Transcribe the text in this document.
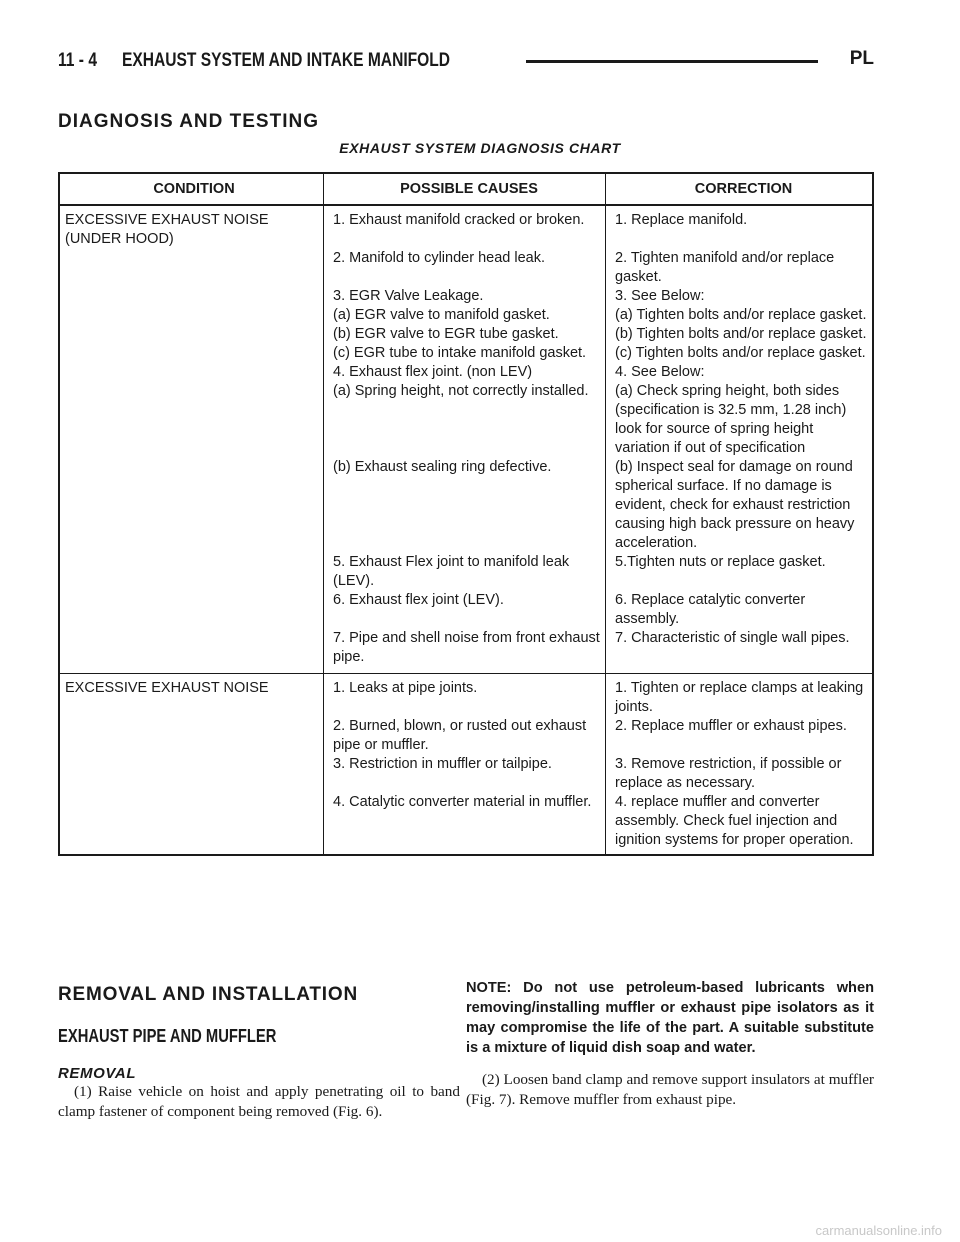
11 - 4 EXHAUST SYSTEM AND INTAKE MANIFOLD	PL
DIAGNOSIS AND TESTING
EXHAUST SYSTEM DIAGNOSIS CHART
CONDITION	POSSIBLE CAUSES	CORRECTION
EXCESSIVE EXHAUST NOISE (UNDER HOOD)	1. Exhaust manifold cracked or broken.	1. Replace manifold.
	2. Manifold to cylinder head leak.	2. Tighten manifold and/or replace gasket.
	3. EGR Valve Leakage.	3. See Below:
	(a) EGR valve to manifold gasket.	(a) Tighten bolts and/or replace gasket.
	(b) EGR valve to EGR tube gasket.	(b) Tighten bolts and/or replace gasket.
	(c) EGR tube to intake manifold gasket.	(c) Tighten bolts and/or replace gasket.
	4. Exhaust flex joint. (non LEV)	4. See Below:
	(a) Spring height, not correctly installed.	(a) Check spring height, both sides (specification is 32.5 mm, 1.28 inch) look for source of spring height variation if out of specification
	(b) Exhaust sealing ring defective.	(b) Inspect seal for damage on round spherical surface. If no damage is evident, check for exhaust restriction causing high back pressure on heavy acceleration.
	5. Exhaust Flex joint to manifold leak (LEV).	5.Tighten nuts or replace gasket.
	6. Exhaust flex joint (LEV).	6. Replace catalytic converter assembly.
	7. Pipe and shell noise from front exhaust pipe.	7. Characteristic of single wall pipes.
EXCESSIVE EXHAUST NOISE	1. Leaks at pipe joints.	1. Tighten or replace clamps at leaking joints.
	2. Burned, blown, or rusted out exhaust pipe or muffler.	2. Replace muffler or exhaust pipes.
	3. Restriction in muffler or tailpipe.	3. Remove restriction, if possible or replace as necessary.
	4. Catalytic converter material in muffler.	4. replace muffler and converter assembly. Check fuel injection and ignition systems for proper operation.
REMOVAL AND INSTALLATION
EXHAUST PIPE AND MUFFLER
REMOVAL

(1) Raise vehicle on hoist and apply penetrating oil to band clamp fastener of component being removed (Fig. 6).

NOTE: Do not use petroleum-based lubricants when removing/installing muffler or exhaust pipe isolators as it may compromise the life of the part. A suitable substitute is a mixture of liquid dish soap and water.

(2) Loosen band clamp and remove support insulators at muffler (Fig. 7). Remove muffler from exhaust pipe.

carmanualsonline.info
